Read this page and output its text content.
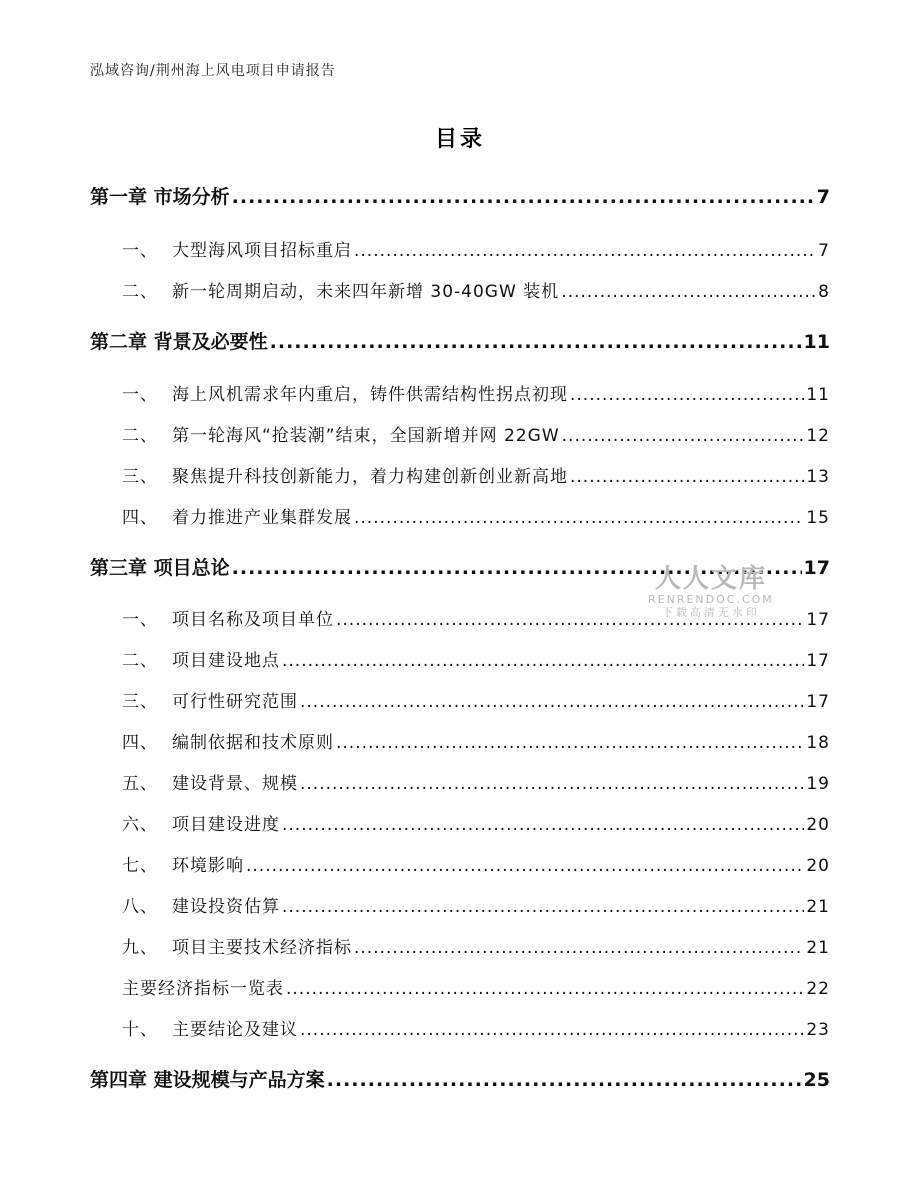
泓域咨询/荆州海上风电项目申请报告
目录
第一章 市场分析 .....	7
一、 大型海风项目招标重启 .....	7
二、 新一轮周期启动，未来四年新增 30-40GW 装机 .....	8
第二章 背景及必要性 .....	11
一、 海上风机需求年内重启，铸件供需结构性拐点初现 .....	11
二、 第一轮海风“抢装潮”结束，全国新增并网 22GW .....	12
三、 聚焦提升科技创新能力，着力构建创新创业新高地 .....	13
四、 着力推进产业集群发展 .....	15
第三章 项目总论 .....	17
一、 项目名称及项目单位 .....	17
二、 项目建设地点 .....	17
三、 可行性研究范围 .....	17
四、 编制依据和技术原则 .....	18
五、 建设背景、规模 .....	19
六、 项目建设进度 .....	20
七、 环境影响 .....	20
八、 建设投资估算 .....	21
九、 项目主要技术经济指标 .....	21
主要经济指标一览表 .....	22
十、 主要结论及建议 .....	23
第四章 建设规模与产品方案 .....	25
人人文库
RENRENDOC.COM
下载高清无水印
